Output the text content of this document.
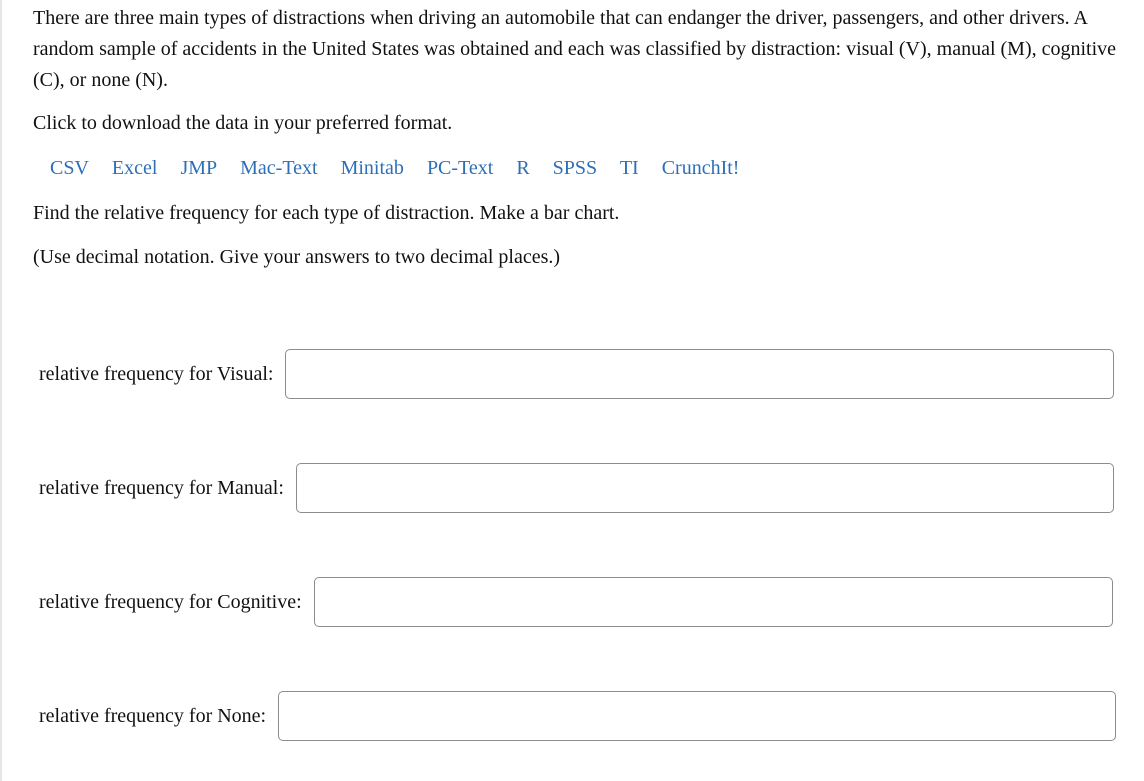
There are three main types of distractions when driving an automobile that can endanger the driver, passengers, and other drivers. A random sample of accidents in the United States was obtained and each was classified by distraction: visual (V), manual (M), cognitive (C), or none (N).

Click to download the data in your preferred format.

CSV Excel JMP Mac-Text Minitab PC-Text R SPSS TI CrunchIt!

Find the relative frequency for each type of distraction. Make a bar chart.

(Use decimal notation. Give your answers to two decimal places.)

relative frequency for Visual:
relative frequency for Manual:
relative frequency for Cognitive:
relative frequency for None:
